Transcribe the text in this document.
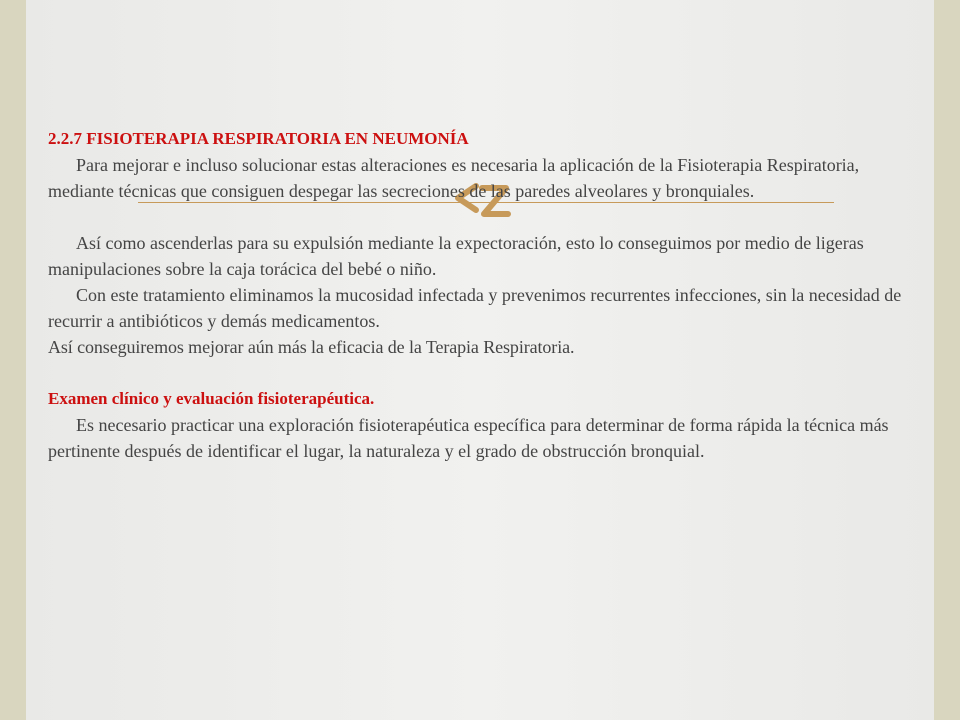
2.2.7 FISIOTERAPIA RESPIRATORIA EN NEUMONÍA

Para mejorar e incluso solucionar estas alteraciones es necesaria la aplicación de la Fisioterapia Respiratoria, mediante técnicas que consiguen despegar las secreciones de las paredes alveolares y bronquiales.

Así como ascenderlas para su expulsión mediante la expectoración, esto lo conseguimos por medio de ligeras manipulaciones sobre la caja torácica del bebé o niño.

Con este tratamiento eliminamos la mucosidad infectada y prevenimos recurrentes infecciones, sin la necesidad de recurrir a antibióticos y demás medicamentos.

Así conseguiremos mejorar aún más la eficacia de la Terapia Respiratoria.

Examen clínico y evaluación fisioterapéutica.

Es necesario practicar una exploración fisioterapéutica específica para determinar de forma rápida la técnica más pertinente después de identificar el lugar, la naturaleza y el grado de obstrucción bronquial.
